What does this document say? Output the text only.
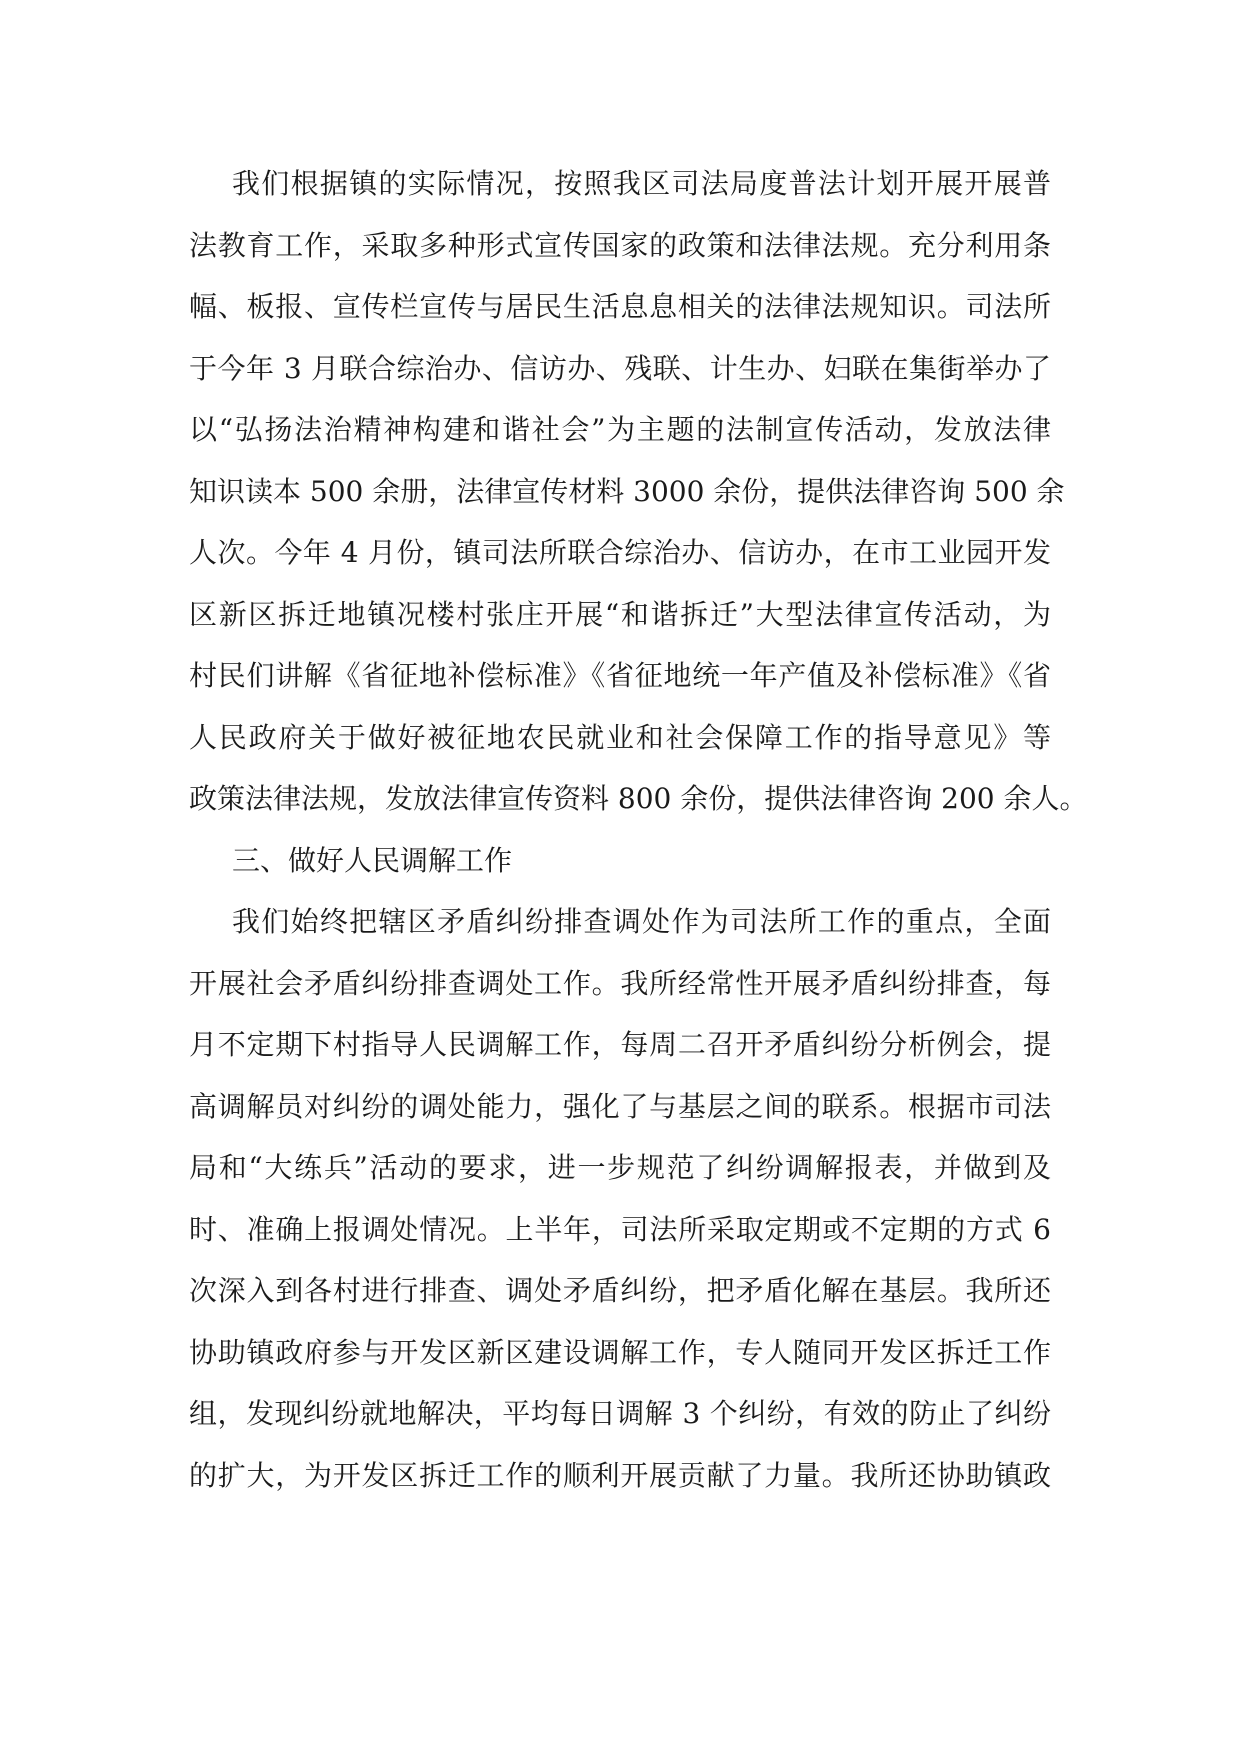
我们根据镇的实际情况，按照我区司法局度普法计划开展开展普
法教育工作，采取多种形式宣传国家的政策和法律法规。充分利用条
幅、板报、宣传栏宣传与居民生活息息相关的法律法规知识。司法所
于今年 3 月联合综治办、信访办、残联、计生办、妇联在集街举办了
以“弘扬法治精神构建和谐社会”为主题的法制宣传活动，发放法律
知识读本 500 余册，法律宣传材料 3000 余份，提供法律咨询 500 余
人次。今年 4 月份，镇司法所联合综治办、信访办，在市工业园开发
区新区拆迁地镇况楼村张庄开展“和谐拆迁”大型法律宣传活动，为
村民们讲解《省征地补偿标准》《省征地统一年产值及补偿标准》《省
人民政府关于做好被征地农民就业和社会保障工作的指导意见》等
政策法律法规，发放法律宣传资料 800 余份，提供法律咨询 200 余人。
三、做好人民调解工作
我们始终把辖区矛盾纠纷排查调处作为司法所工作的重点，全面
开展社会矛盾纠纷排查调处工作。我所经常性开展矛盾纠纷排查，每
月不定期下村指导人民调解工作，每周二召开矛盾纠纷分析例会，提
高调解员对纠纷的调处能力，强化了与基层之间的联系。根据市司法
局和“大练兵”活动的要求，进一步规范了纠纷调解报表，并做到及
时、准确上报调处情况。上半年，司法所采取定期或不定期的方式 6
次深入到各村进行排查、调处矛盾纠纷，把矛盾化解在基层。我所还
协助镇政府参与开发区新区建设调解工作，专人随同开发区拆迁工作
组，发现纠纷就地解决，平均每日调解 3 个纠纷，有效的防止了纠纷
的扩大，为开发区拆迁工作的顺利开展贡献了力量。我所还协助镇政
